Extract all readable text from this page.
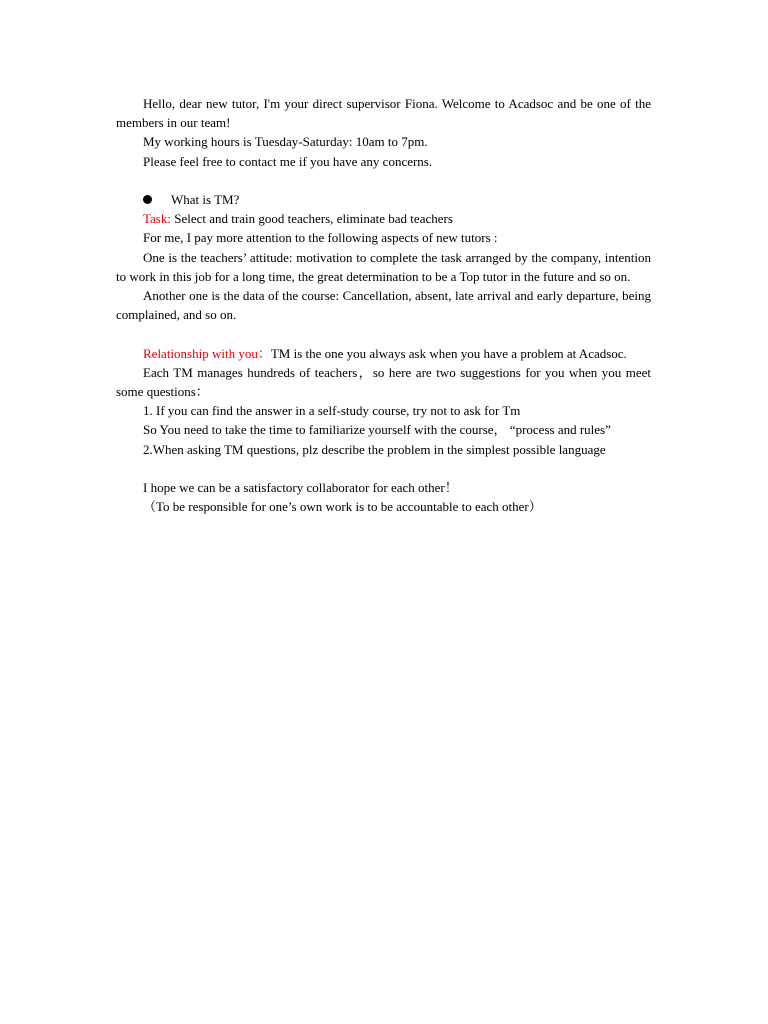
Hello, dear new tutor, I'm your direct supervisor Fiona. Welcome to Acadsoc and be one of the members in our team!

My working hours is Tuesday-Saturday: 10am to 7pm.

Please feel free to contact me if you have any concerns.

What is TM?

Task: Select and train good teachers, eliminate bad teachers

For me, I pay more attention to the following aspects of new tutors :

One is the teachers’ attitude: motivation to complete the task arranged by the company, intention to work in this job for a long time, the great determination to be a Top tutor in the future and so on.

Another one is the data of the course: Cancellation, absent, late arrival and early departure, being complained, and so on.

Relationship with you：TM is the one you always ask when you have a problem at Acadsoc.

Each TM manages hundreds of teachers，so here are two suggestions for you when you meet some questions：

1. If you can find the answer in a self-study course, try not to ask for Tm

So You need to take the time to familiarize yourself with the course， “process and rules”

2.When asking TM questions, plz describe the problem in the simplest possible language

I hope we can be a satisfactory collaborator for each other！

（To be responsible for one’s own work is to be accountable to each other）
